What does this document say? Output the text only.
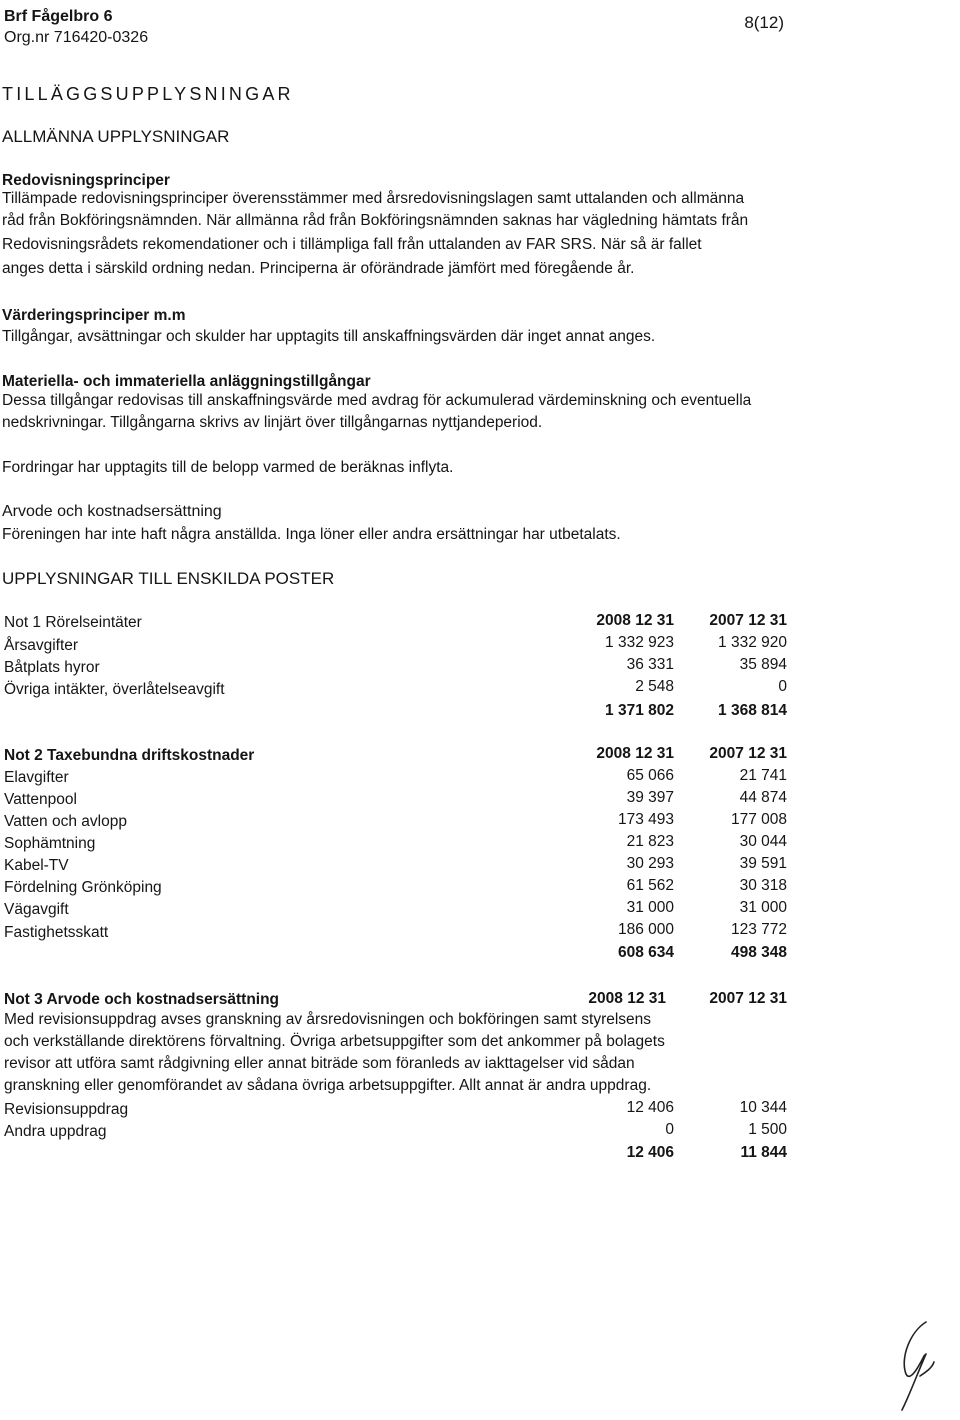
Brf Fågelbro 6
Org.nr 716420-0326
8(12)
TILLÄGGSUPPLYSNINGAR
ALLMÄNNA UPPLYSNINGAR
Redovisningsprinciper
Tillämpade redovisningsprinciper överensstämmer med årsredovisningslagen samt uttalanden och allmänna
råd från Bokföringsnämnden. När allmänna råd från Bokföringsnämnden saknas har vägledning hämtats från
Redovisningsrådets rekomendationer och i tillämpliga fall från uttalanden av FAR SRS. När så är fallet
anges detta i särskild ordning nedan. Principerna är oförändrade jämfört med föregående år.
Värderingsprinciper m.m
Tillgångar, avsättningar och skulder har upptagits till anskaffningsvärden där inget annat anges.
Materiella- och immateriella anläggningstillgångar
Dessa tillgångar redovisas till anskaffningsvärde med avdrag för ackumulerad värdeminskning och eventuella
nedskrivningar. Tillgångarna skrivs av linjärt över tillgångarnas nyttjandeperiod.
Fordringar har upptagits till de belopp varmed de beräknas inflyta.
Arvode och kostnadsersättning
Föreningen har inte haft några anställda. Inga löner eller andra ersättningar har utbetalats.
UPPLYSNINGAR TILL ENSKILDA POSTER
Not 1 Rörelseintäter	2008 12 31 2007 12 31
Årsavgifter	1 332 923	1 332 920
Båtplats hyror	36 331	35 894
Övriga intäkter, överlåtelseavgift	2 548	0
1 371 802	1 368 814
Not 2 Taxebundna driftskostnader	2008 12 31 2007 12 31
Elavgifter	65 066	21 741
Vattenpool	39 397	44 874
Vatten och avlopp	173 493	177 008
Sophämtning	21 823	30 044
Kabel-TV	30 293	39 591
Fördelning Grönköping	61 562	30 318
Vägavgift	31 000	31 000
Fastighetsskatt	186 000	123 772
608 634	498 348
Not 3 Arvode och kostnadsersättning	2008 12 31	2007 12 31
Med revisionsuppdrag avses granskning av årsredovisningen och bokföringen samt styrelsens
och verkställande direktörens förvaltning. Övriga arbetsuppgifter som det ankommer på bolagets
revisor att utföra samt rådgivning eller annat biträde som föranleds av iakttagelser vid sådan
granskning eller genomförandet av sådana övriga arbetsuppgifter. Allt annat är andra uppdrag.
Revisionsuppdrag	12 406	10 344
Andra uppdrag	0	1 500
12 406	11 844
